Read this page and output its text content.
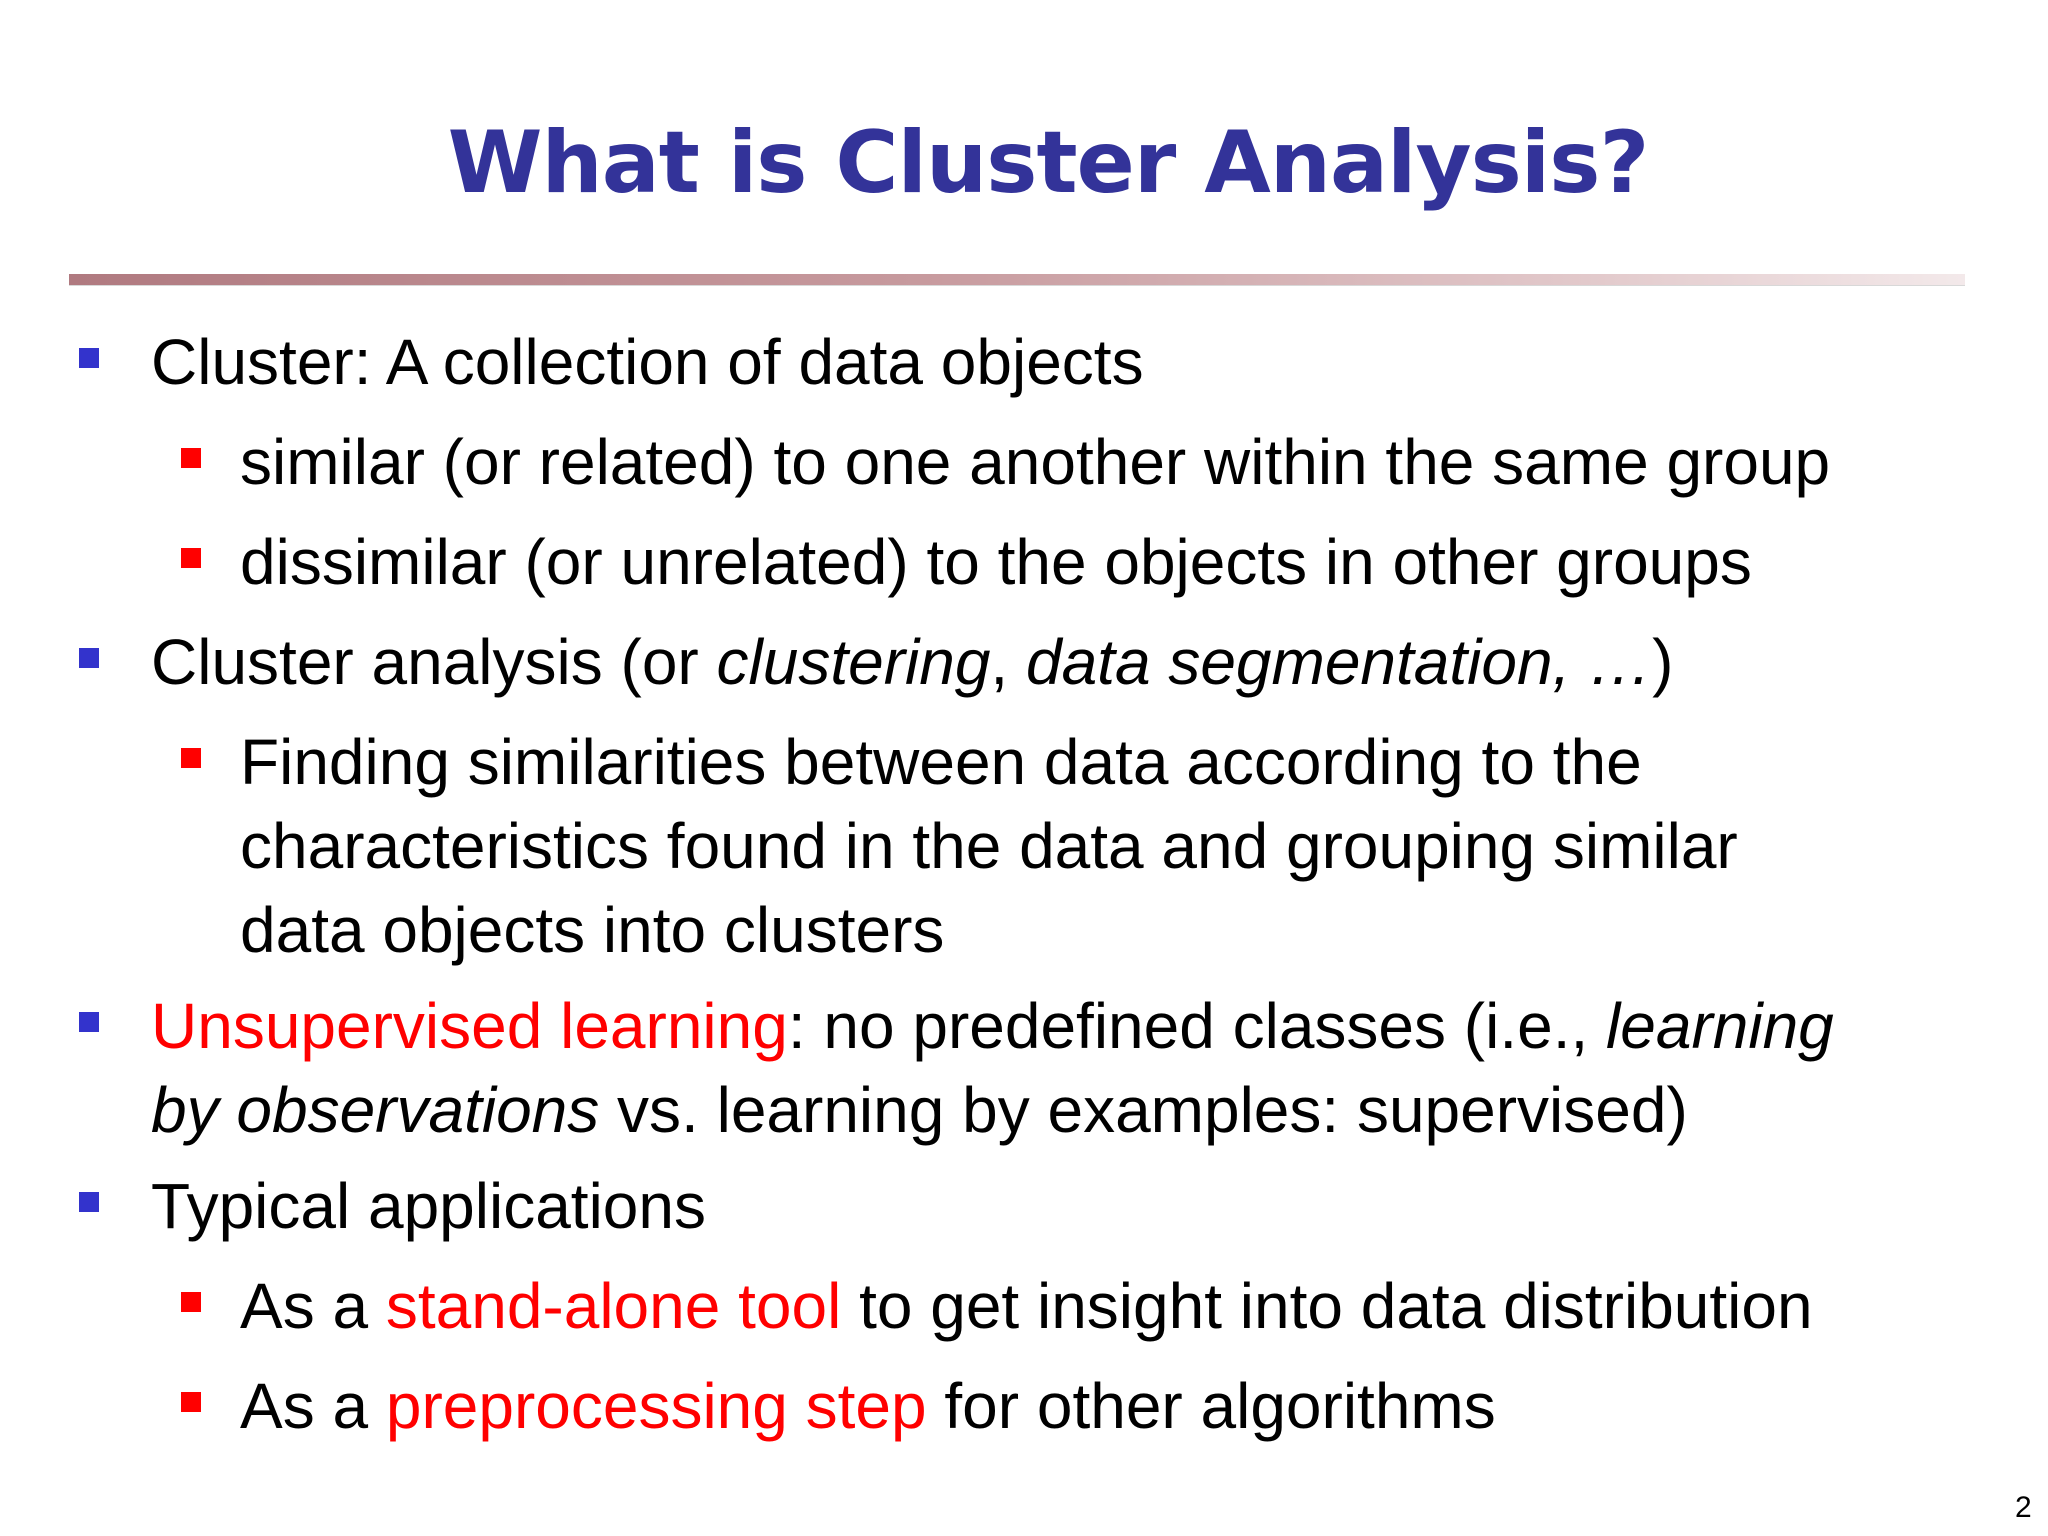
What is Cluster Analysis?
Cluster: A collection of data objects
similar (or related) to one another within the same group
dissimilar (or unrelated) to the objects in other groups
Cluster analysis (or clustering, data segmentation, …)
Finding similarities between data according to the
characteristics found in the data and grouping similar
data objects into clusters
Unsupervised learning: no predefined classes (i.e., learning
by observations vs. learning by examples: supervised)
Typical applications
As a stand-alone tool to get insight into data distribution
As a preprocessing step for other algorithms
2
